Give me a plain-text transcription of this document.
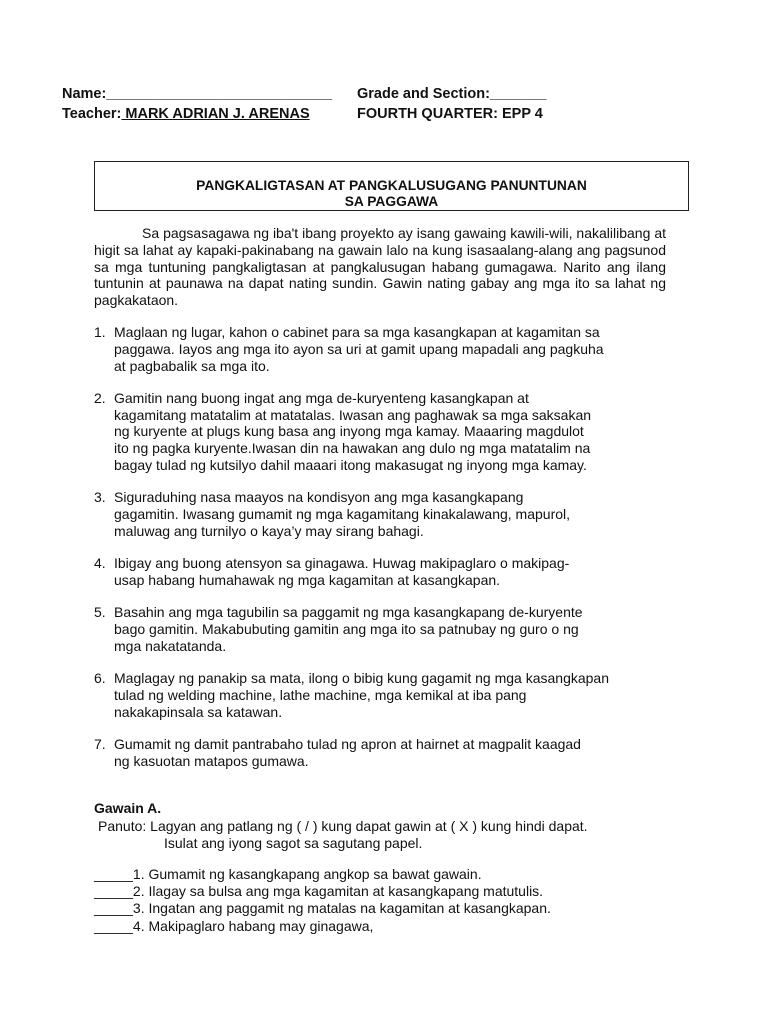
Name:____________________________ Grade and Section:_______
Teacher: MARK ADRIAN J. ARENAS	FOURTH QUARTER: EPP 4
PANGKALIGTASAN AT PANGKALUSUGANG PANUNTUNAN
SA PAGGAWA
Sa pagsasagawa ng iba't ibang proyekto ay isang gawaing kawili-wili, nakalilibang at higit sa lahat ay kapaki-pakinabang na gawain lalo na kung isasaalang-alang ang pagsunod sa mga tuntuning pangkaligtasan at pangkalusugan habang gumagawa. Narito ang ilang tuntunin at paunawa na dapat nating sundin. Gawin nating gabay ang mga ito sa lahat ng pagkakataon.
1. Maglaan ng lugar, kahon o cabinet para sa mga kasangkapan at kagamitan sa
paggawa. Iayos ang mga ito ayon sa uri at gamit upang mapadali ang pagkuha
at pagbabalik sa mga ito.
2. Gamitin nang buong ingat ang mga de-kuryenteng kasangkapan at
kagamitang matatalim at matatalas. Iwasan ang paghawak sa mga saksakan
ng kuryente at plugs kung basa ang inyong mga kamay. Maaaring magdulot
ito ng pagka kuryente.Iwasan din na hawakan ang dulo ng mga matatalim na
bagay tulad ng kutsilyo dahil maaari itong makasugat ng inyong mga kamay.
3. Siguraduhing nasa maayos na kondisyon ang mga kasangkapang
gagamitin. Iwasang gumamit ng mga kagamitang kinakalawang, mapurol,
maluwag ang turnilyo o kaya’y may sirang bahagi.
4. Ibigay ang buong atensyon sa ginagawa. Huwag makipaglaro o makipag-
usap habang humahawak ng mga kagamitan at kasangkapan.
5. Basahin ang mga tagubilin sa paggamit ng mga kasangkapang de-kuryente
bago gamitin. Makabubuting gamitin ang mga ito sa patnubay ng guro o ng
mga nakatatanda.
6. Maglagay ng panakip sa mata, ilong o bibig kung gagamit ng mga kasangkapan
tulad ng welding machine, lathe machine, mga kemikal at iba pang
nakakapinsala sa katawan.
7. Gumamit ng damit pantrabaho tulad ng apron at hairnet at magpalit kaagad
ng kasuotan matapos gumawa.
Gawain A.
Panuto: Lagyan ang patlang ng ( / ) kung dapat gawin at ( X ) kung hindi dapat.
Isulat ang iyong sagot sa sagutang papel.
_____1. Gumamit ng kasangkapang angkop sa bawat gawain.
_____2. Ilagay sa bulsa ang mga kagamitan at kasangkapang matutulis.
_____3. Ingatan ang paggamit ng matalas na kagamitan at kasangkapan.
_____4. Makipaglaro habang may ginagawa,
